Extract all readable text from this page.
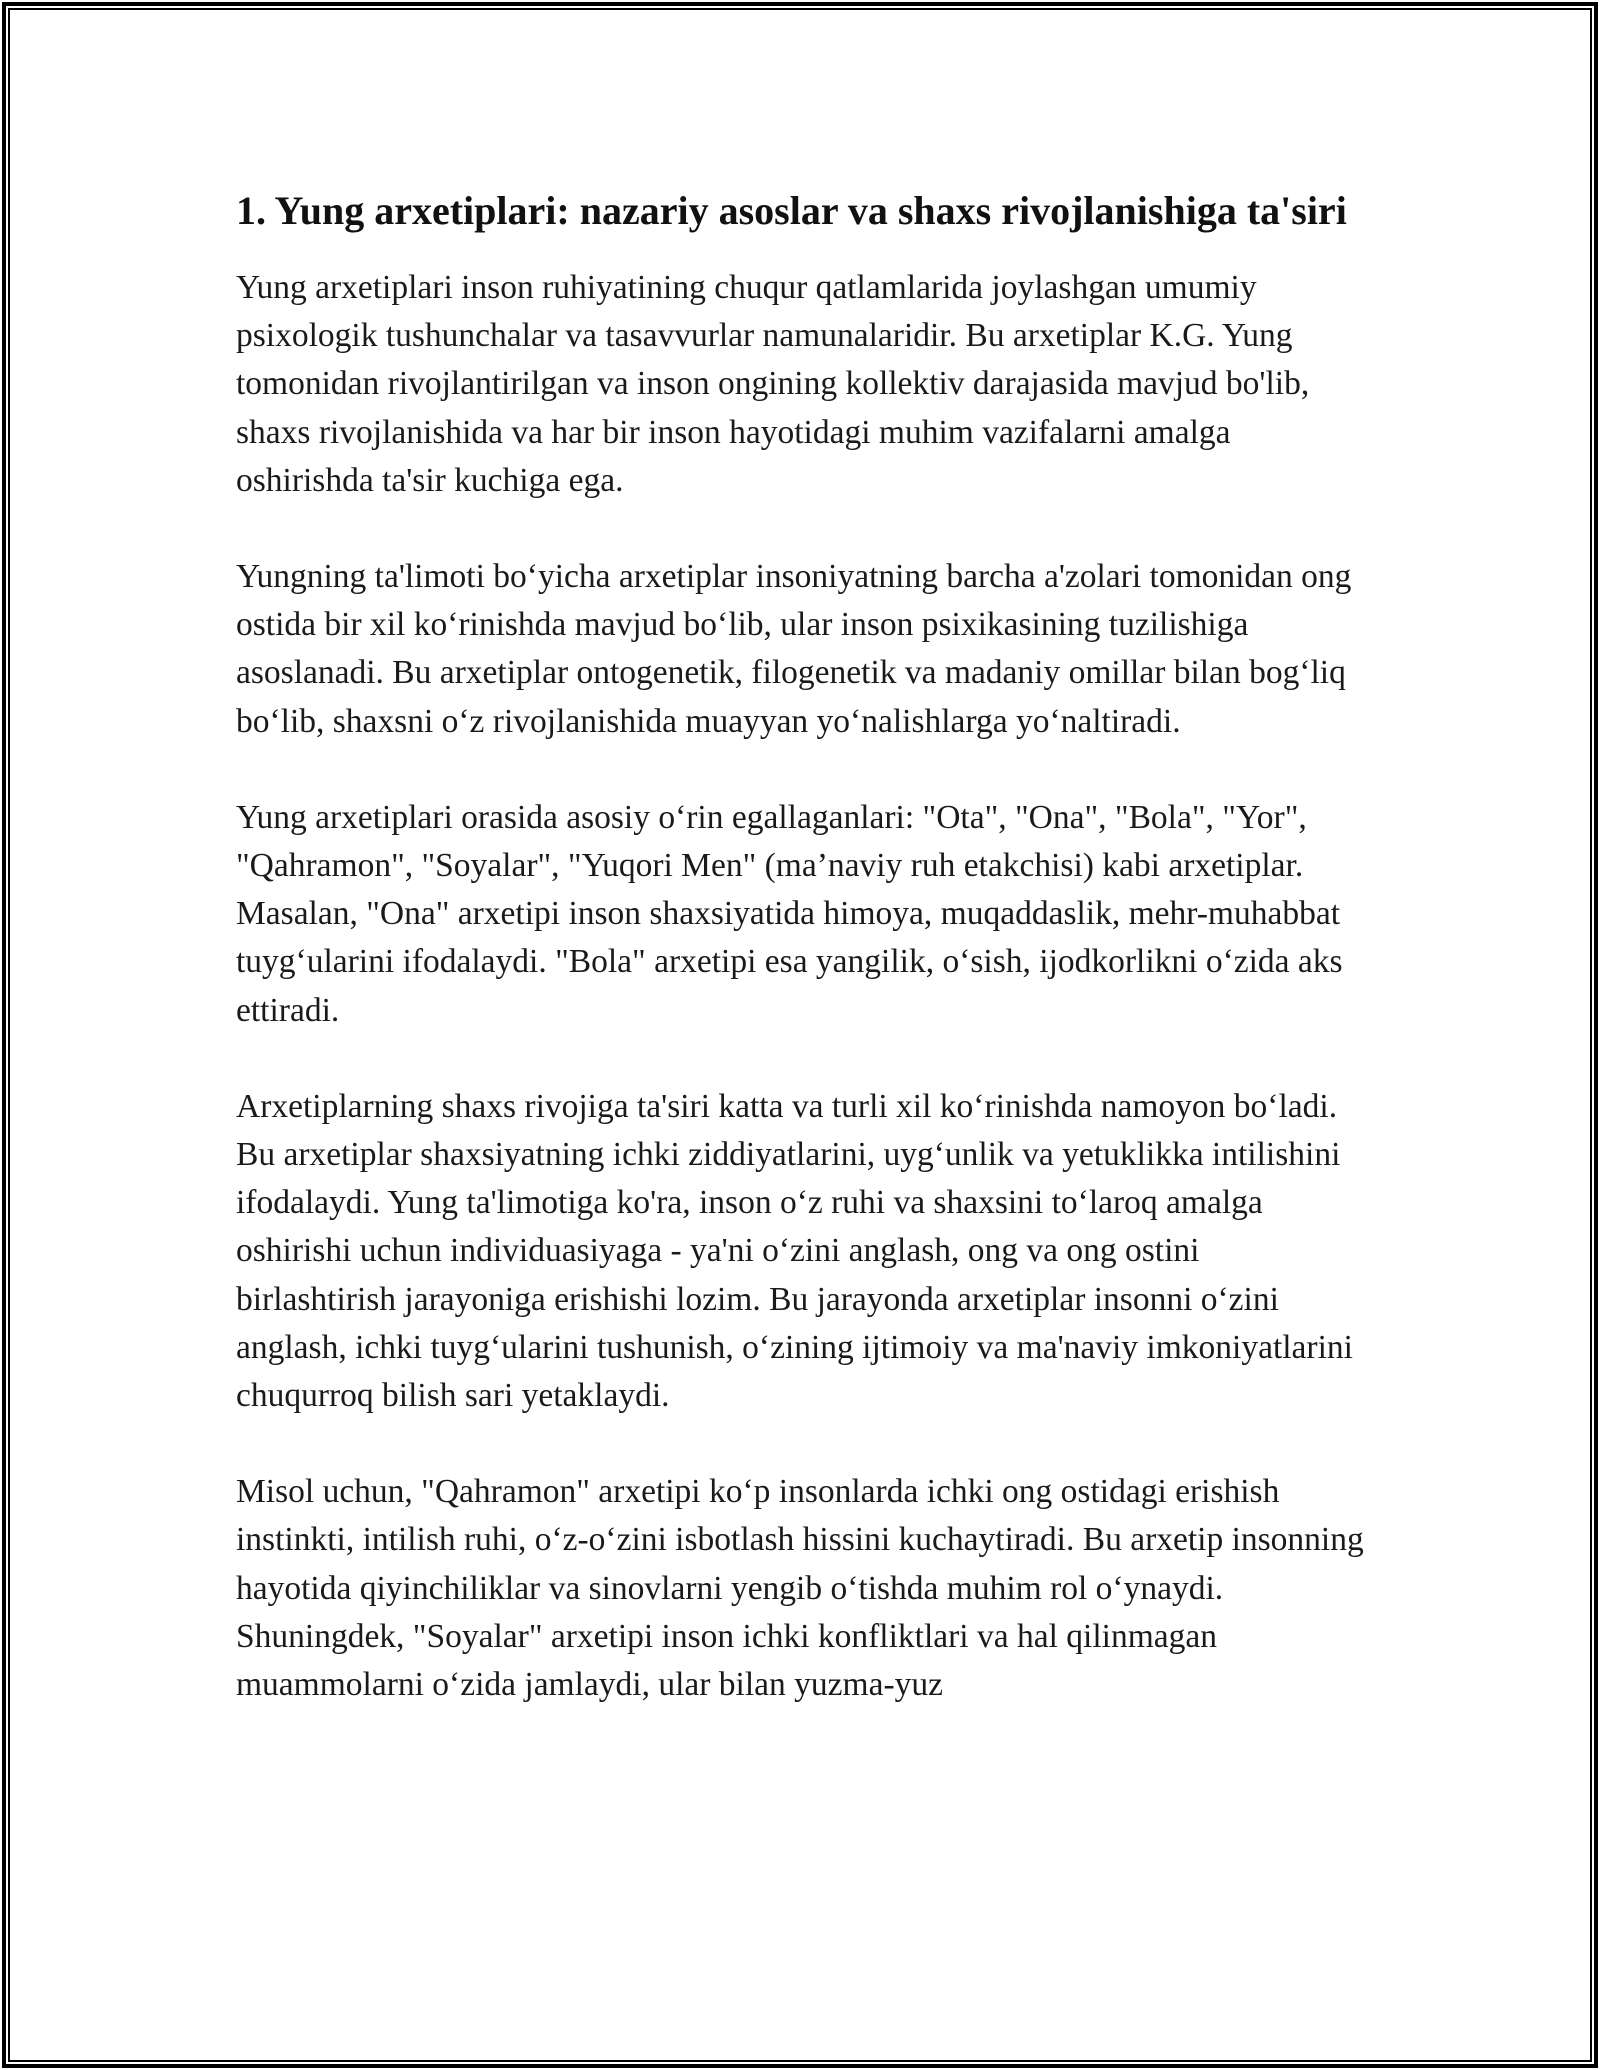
1. Yung arxetiplari: nazariy asoslar va shaxs rivojlanishiga ta'siri

Yung arxetiplari inson ruhiyatining chuqur qatlamlarida joylashgan umumiy psixologik tushunchalar va tasavvurlar namunalaridir. Bu arxetiplar K.G. Yung tomonidan rivojlantirilgan va inson ongining kollektiv darajasida mavjud bo'lib, shaxs rivojlanishida va har bir inson hayotidagi muhim vazifalarni amalga oshirishda ta'sir kuchiga ega.

Yungning ta'limoti bo‘yicha arxetiplar insoniyatning barcha a'zolari tomonidan ong ostida bir xil ko‘rinishda mavjud bo‘lib, ular inson psixikasining tuzilishiga asoslanadi. Bu arxetiplar ontogenetik, filogenetik va madaniy omillar bilan bog‘liq bo‘lib, shaxsni o‘z rivojlanishida muayyan yo‘nalishlarga yo‘naltiradi.

Yung arxetiplari orasida asosiy o‘rin egallaganlari: "Ota", "Ona", "Bola", "Yor", "Qahramon", "Soyalar", "Yuqori Men" (ma’naviy ruh etakchisi) kabi arxetiplar. Masalan, "Ona" arxetipi inson shaxsiyatida himoya, muqaddaslik, mehr-muhabbat tuyg‘ularini ifodalaydi. "Bola" arxetipi esa yangilik, o‘sish, ijodkorlikni o‘zida aks ettiradi.

Arxetiplarning shaxs rivojiga ta'siri katta va turli xil ko‘rinishda namoyon bo‘ladi. Bu arxetiplar shaxsiyatning ichki ziddiyatlarini, uyg‘unlik va yetuklikka intilishini ifodalaydi. Yung ta'limotiga ko'ra, inson o‘z ruhi va shaxsini to‘laroq amalga oshirishi uchun individuasiyaga - ya'ni o‘zini anglash, ong va ong ostini birlashtirish jarayoniga erishishi lozim. Bu jarayonda arxetiplar insonni o‘zini anglash, ichki tuyg‘ularini tushunish, o‘zining ijtimoiy va ma'naviy imkoniyatlarini chuqurroq bilish sari yetaklaydi.

Misol uchun, "Qahramon" arxetipi ko‘p insonlarda ichki ong ostidagi erishish instinkti, intilish ruhi, o‘z-o‘zini isbotlash hissini kuchaytiradi. Bu arxetip insonning hayotida qiyinchiliklar va sinovlarni yengib o‘tishda muhim rol o‘ynaydi. Shuningdek, "Soyalar" arxetipi inson ichki konfliktlari va hal qilinmagan muammolarni o‘zida jamlaydi, ular bilan yuzma-yuz
